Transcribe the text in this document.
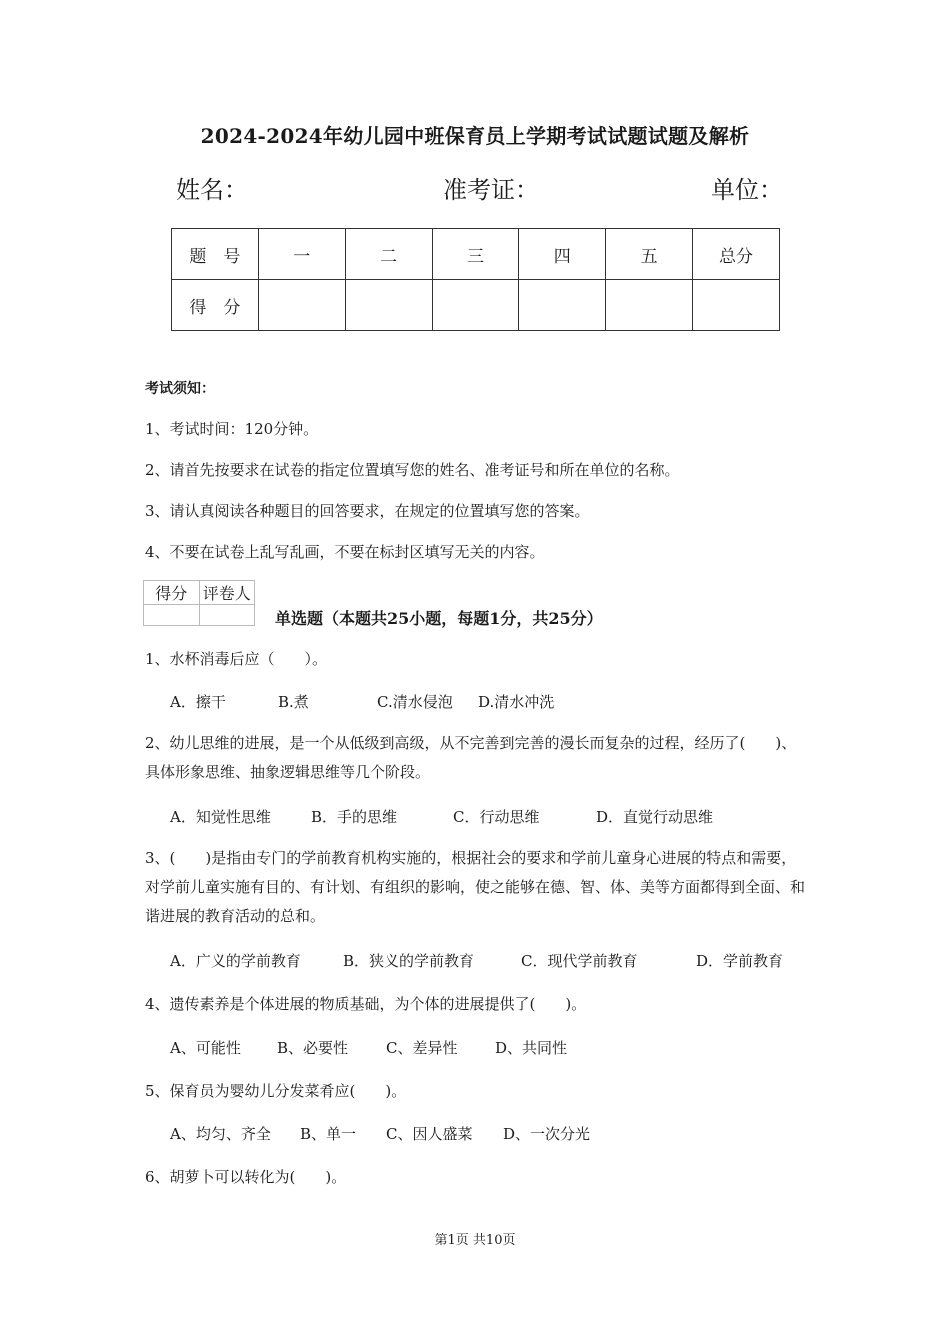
2024-2024年幼儿园中班保育员上学期考试试题试题及解析
姓名：	准考证：	单位：
题　号	一	二	三	四	五	总分
得　分						
考试须知：
1、考试时间：120分钟。
2、请首先按要求在试卷的指定位置填写您的姓名、准考证号和所在单位的名称。
3、请认真阅读各种题目的回答要求，在规定的位置填写您的答案。
4、不要在试卷上乱写乱画，不要在标封区填写无关的内容。
得分	评卷人

单选题（本题共25小题，每题1分，共25分）
1、水杯消毒后应（　　）。
A．擦干	B.煮	C.清水侵泡 D.清水冲洗
2、幼儿思维的进展，是一个从低级到高级，从不完善到完善的漫长而复杂的过程，经历了(　　)、具体形象思维、抽象逻辑思维等几个阶段。
A．知觉性思维	B．手的思维	C．行动思维	D．直觉行动思维
3、(　　)是指由专门的学前教育机构实施的，根据社会的要求和学前儿童身心进展的特点和需要，对学前儿童实施有目的、有计划、有组织的影响，使之能够在德、智、体、美等方面都得到全面、和谐进展的教育活动的总和。
A．广义的学前教育	B．狭义的学前教育	C．现代学前教育	D．学前教育
4、遗传素养是个体进展的物质基础，为个体的进展提供了(　　)。
A、可能性 B、必要性	C、差异性	D、共同性
5、保育员为婴幼儿分发菜肴应(　　)。
A、均匀、齐全 B、单一 C、因人盛菜 D、一次分光
6、胡萝卜可以转化为(　　)。
第1页 共10页
